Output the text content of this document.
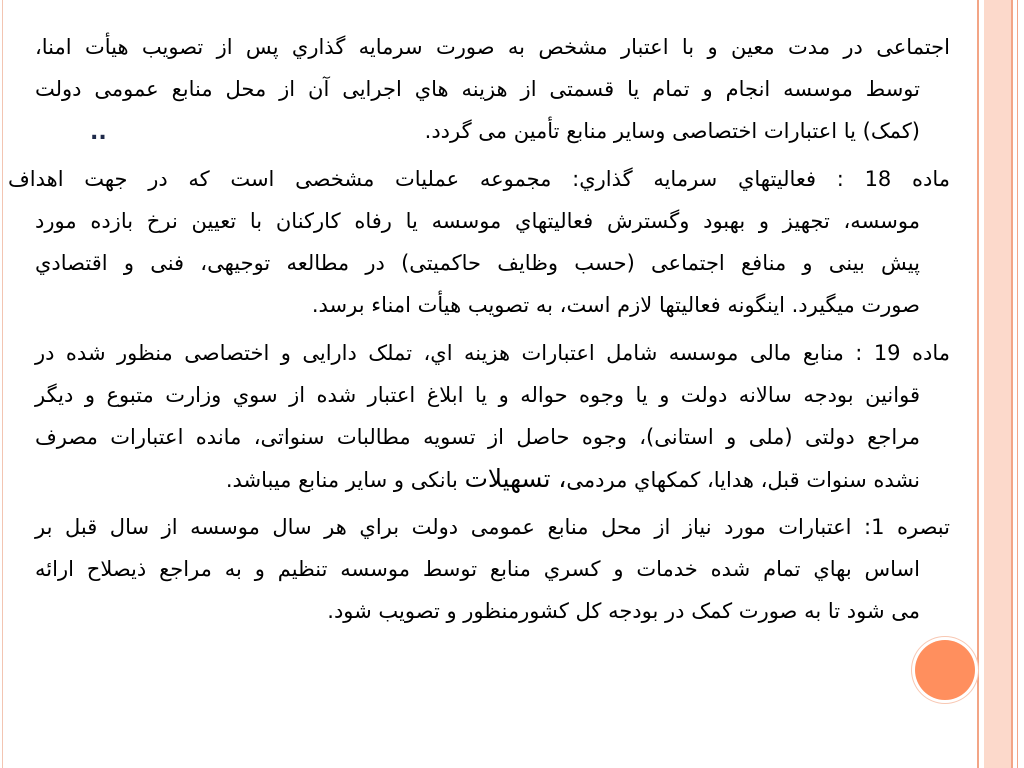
اجتماعی در مدت معین و با اعتبار مشخص به صورت سرمایه گذاري پس از تصويب هیأت امنا،
توسط موسسه انجام و تمام يا قسمتی از هزینه هاي اجرايی آن از محل منابع عمومی دولت
(کمک) يا اعتبارات اختصاصی وساير منابع تأمين می گردد.
ماده 18 : فعالیتهاي سرمايه گذاري: مجموعه عملیات مشخصی است که در جهت اهداف
موسسه، تجهیز و بهبود وگسترش فعالیتهاي موسسه يا رفاه کارکنان با تعیین نرخ بازده مورد
پیش بینی و منافع اجتماعی (حسب وظايف حاکمیتی) در مطالعه توجیهی، فنی و اقتصادي
صورت میگیرد. اينگونه فعالیتها لازم است، به تصويب هیأت امناء برسد.
ماده 19 : منابع مالی موسسه شامل اعتبارات هزينه اي، تملک دارايی و اختصاصی منظور شده در
قوانین بودجه سالانه دولت و يا وجوه حواله و يا ابلاغ اعتبار شده از سوي وزارت متبوع و ديگر
مراجع دولتی (ملی و استانی)، وجوه حاصل از تسويه مطالبات سنواتی، مانده اعتبارات مصرف
نشده سنوات قبل، هدايا، کمکهاي مردمی، تسهیلات بانکی و ساير منابع میباشد.
تبصره 1: اعتبارات مورد نیاز از محل منابع عمومی دولت براي هر سال موسسه از سال قبل بر
اساس بهاي تمام شده خدمات و کسري منابع توسط موسسه تنظیم و به مراجع ذيصلاح ارائه
می شود تا به صورت کمک در بودجه کل کشورمنظور و تصويب شود.
..
